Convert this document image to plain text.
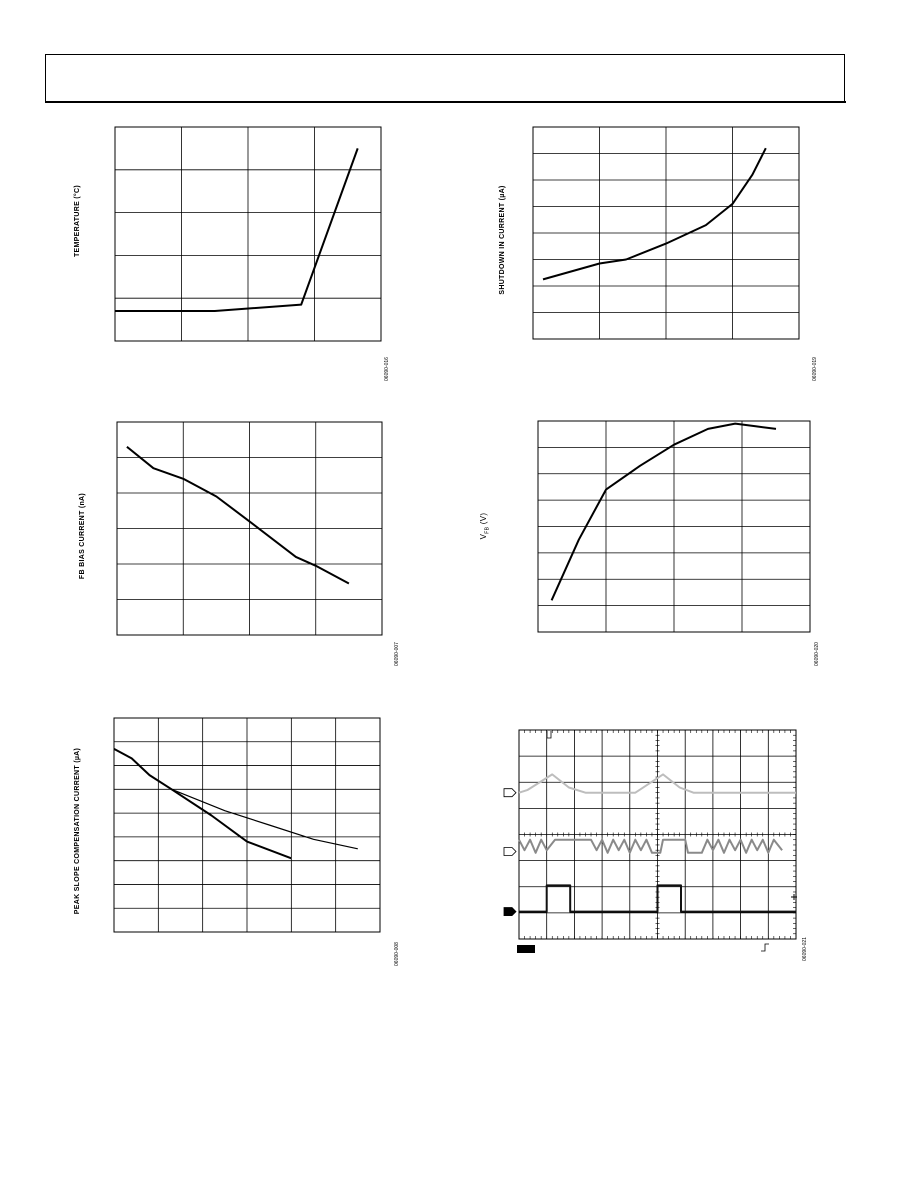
TEMPERATURE (°C)
06090-016
SHUTDOWN IN CURRENT (µA)
06090-019
FB BIAS CURRENT (nA)
06090-007
$V_{FB}$ (V)
06090-020
PEAK SLOPE COMPENSATION CURRENT (µA)
06090-008	06090-021
